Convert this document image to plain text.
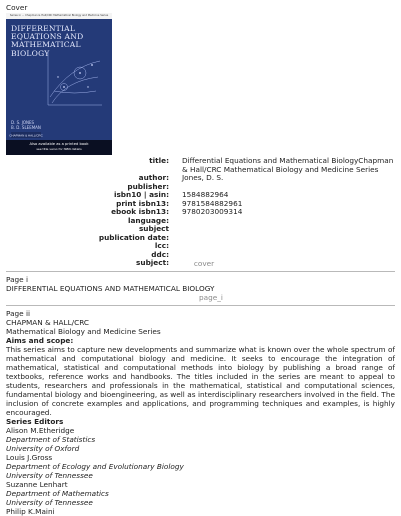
Cover
Series in ... Chapman & Hall/CRC Mathematical Biology and Medicine Series
DIFFERENTIAL
EQUATIONS AND
MATHEMATICAL
BIOLOGY
D. S. JONES
B. D. SLEEMAN
CHAPMAN & HALL/CRC
Also available as a printed book
see title verso for ISBN details
title: Differential Equations and Mathematical BiologyChapman & Hall/CRC Mathematical Biology and Medicine Series
author: Jones, D. S.
publisher:
isbn10 | asin: 1584882964
print isbn13: 9781584882961
ebook isbn13: 9780203009314
language:
subject
publication date:
lcc:
ddc:
subject:	cover
Page i
DIFFERENTIAL EQUATIONS AND MATHEMATICAL BIOLOGY
page_i
Page ii
CHAPMAN & HALL/CRC
Mathematical Biology and Medicine Series
Aims and scope:

This series aims to capture new developments and summarize what is known over the whole spectrum of mathematical and computational biology and medicine. It seeks to encourage the integration of mathematical, statistical and computational methods into biology by publishing a broad range of textbooks, reference works and handbooks. The titles included in the series are meant to appeal to students, researchers and professionals in the mathematical, statistical and computational sciences, fundamental biology and bioengineering, as well as interdisciplinary researchers involved in the field. The inclusion of concrete examples and applications, and programming techniques and examples, is highly encouraged.

Series Editors
Alison M.Etheridge
Department of Statistics
University of Oxford
Louis J.Gross
Department of Ecology and Evolutionary Biology
University of Tennessee
Suzanne Lenhart
Department of Mathematics
University of Tennessee
Philip K.Maini
